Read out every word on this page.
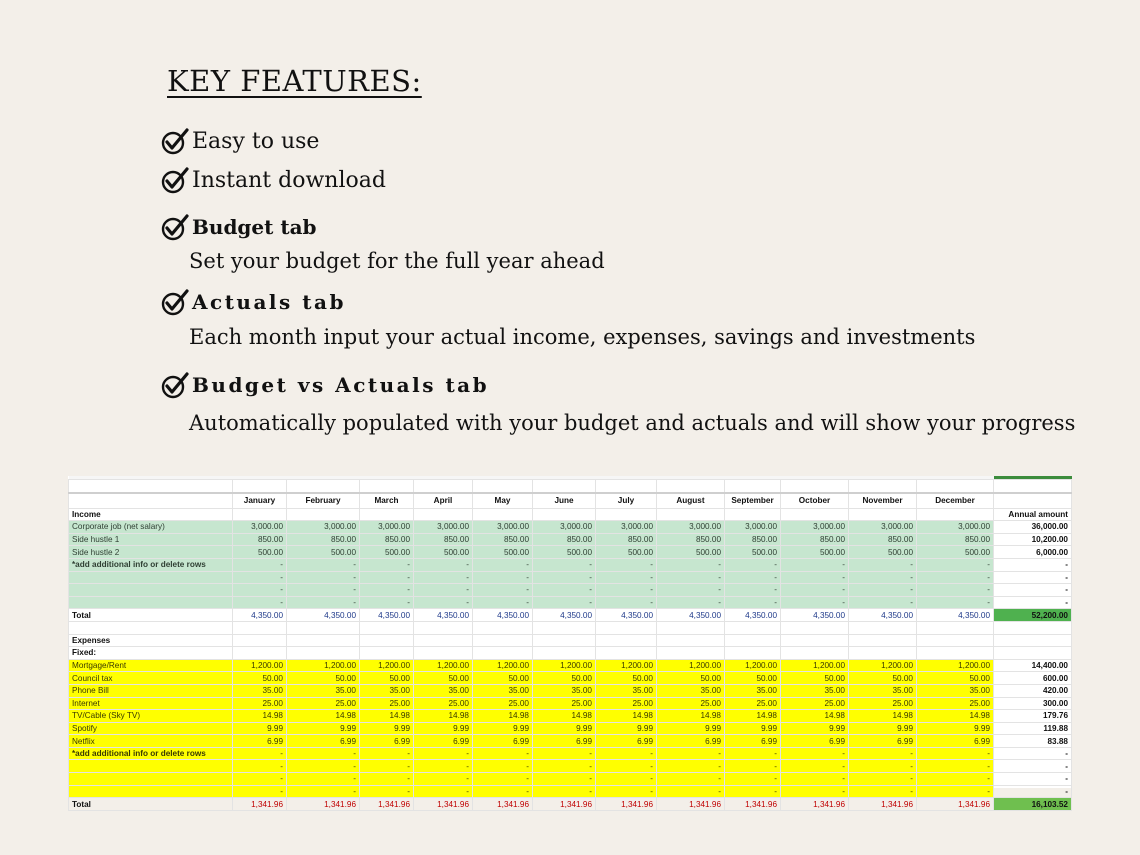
KEY FEATURES:
Easy to use
Instant download
Budget tab
Set your budget for the full year ahead
Actuals tab
Each month input your actual income, expenses, savings and investments
Budget vs Actuals tab
Automatically populated with your budget and actuals and will show your progress

	January	February	March	April	May	June	July	August	September	October	November	December	
Income													Annual amount
Corporate job (net salary)	3,000.00	3,000.00	3,000.00	3,000.00	3,000.00	3,000.00	3,000.00	3,000.00	3,000.00	3,000.00	3,000.00	3,000.00	36,000.00
Side hustle 1	850.00	850.00	850.00	850.00	850.00	850.00	850.00	850.00	850.00	850.00	850.00	850.00	10,200.00
Side hustle 2	500.00	500.00	500.00	500.00	500.00	500.00	500.00	500.00	500.00	500.00	500.00	500.00	6,000.00
*add additional info or delete rows	-	-	-	-	-	-	-	-	-	-	-	-	-
	-	-	-	-	-	-	-	-	-	-	-	-	-
	-	-	-	-	-	-	-	-	-	-	-	-	-
	-	-	-	-	-	-	-	-	-	-	-	-	-
Total	4,350.00	4,350.00	4,350.00	4,350.00	4,350.00	4,350.00	4,350.00	4,350.00	4,350.00	4,350.00	4,350.00	4,350.00	52,200.00

Expenses													
Fixed:													
Mortgage/Rent	1,200.00	1,200.00	1,200.00	1,200.00	1,200.00	1,200.00	1,200.00	1,200.00	1,200.00	1,200.00	1,200.00	1,200.00	14,400.00
Council tax	50.00	50.00	50.00	50.00	50.00	50.00	50.00	50.00	50.00	50.00	50.00	50.00	600.00
Phone Bill	35.00	35.00	35.00	35.00	35.00	35.00	35.00	35.00	35.00	35.00	35.00	35.00	420.00
Internet	25.00	25.00	25.00	25.00	25.00	25.00	25.00	25.00	25.00	25.00	25.00	25.00	300.00
TV/Cable (Sky TV)	14.98	14.98	14.98	14.98	14.98	14.98	14.98	14.98	14.98	14.98	14.98	14.98	179.76
Spotify	9.99	9.99	9.99	9.99	9.99	9.99	9.99	9.99	9.99	9.99	9.99	9.99	119.88
Netflix	6.99	6.99	6.99	6.99	6.99	6.99	6.99	6.99	6.99	6.99	6.99	6.99	83.88
*add additional info or delete rows	-	-	-	-	-	-	-	-	-	-	-	-	-
	-	-	-	-	-	-	-	-	-	-	-	-	-
	-	-	-	-	-	-	-	-	-	-	-	-	-
	-	-	-	-	-	-	-	-	-	-	-	-	-
Total	1,341.96	1,341.96	1,341.96	1,341.96	1,341.96	1,341.96	1,341.96	1,341.96	1,341.96	1,341.96	1,341.96	1,341.96	16,103.52
